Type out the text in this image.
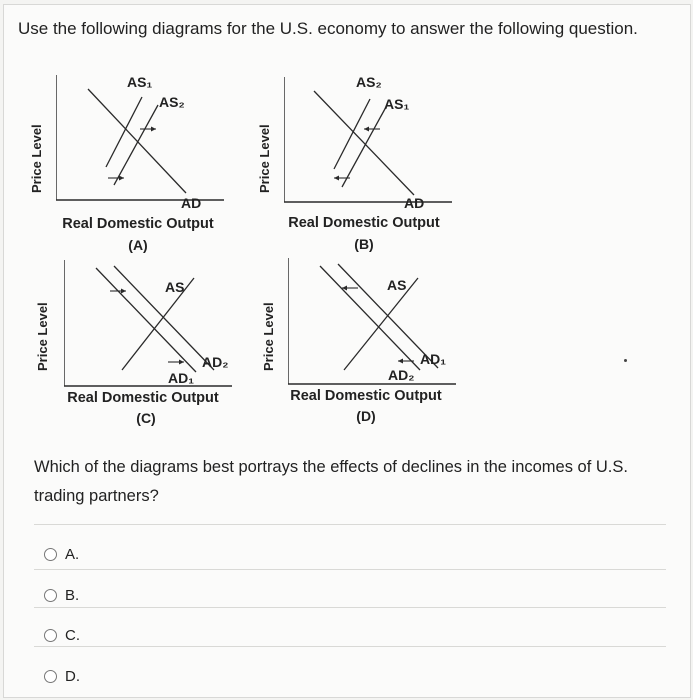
Use the following diagrams for the U.S. economy to answer the following question.
Price Level
AS₁
AS₂
AD
Real Domestic Output
(A)
Price Level
AS₂
AS₁
AD
Real Domestic Output
(B)
Price Level
AS
AD₂
AD₁
Real Domestic Output
(C)
Price Level
AS
AD₁
AD₂
Real Domestic Output
(D)
Which of the diagrams best portrays the effects of declines in the incomes of U.S. trading partners?
A.
B.
C.
D.
